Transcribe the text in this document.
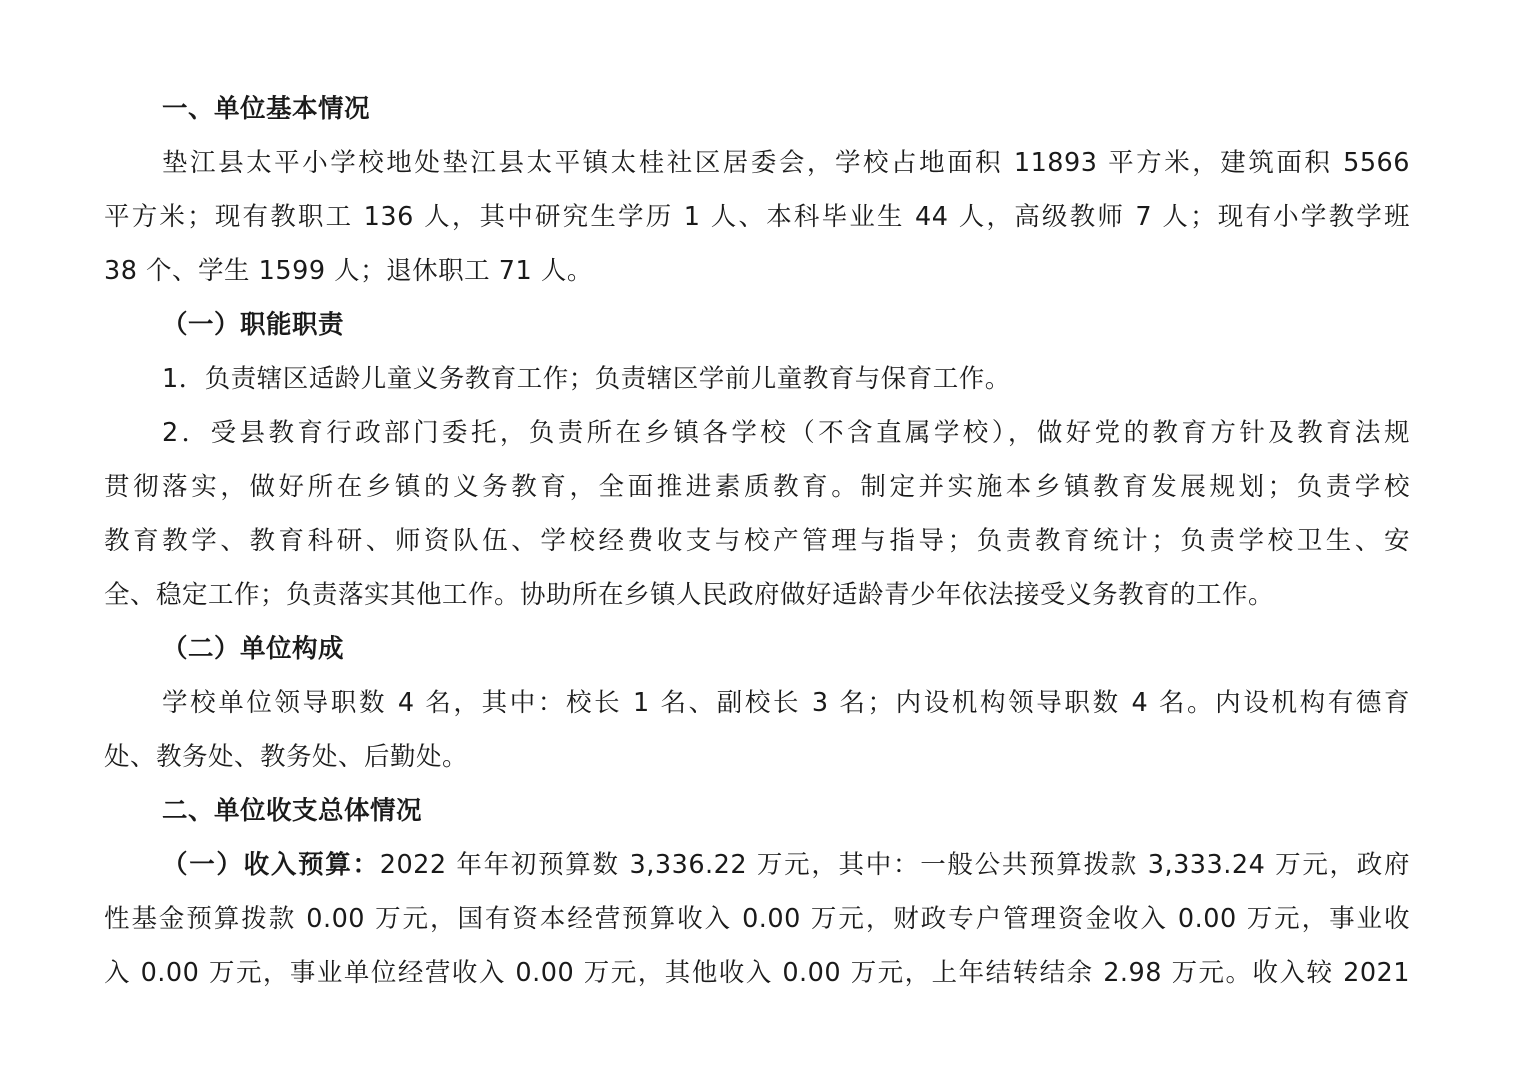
一、单位基本情况
垫江县太平小学校地处垫江县太平镇太桂社区居委会，学校占地面积 11893 平方米，建筑面积 5566
平方米；现有教职工 136 人，其中研究生学历 1 人、本科毕业生 44 人，高级教师 7 人；现有小学教学班
38 个、学生 1599 人；退休职工 71 人。
（一）职能职责
1．负责辖区适龄儿童义务教育工作；负责辖区学前儿童教育与保育工作。
2．受县教育行政部门委托，负责所在乡镇各学校（不含直属学校），做好党的教育方针及教育法规
贯彻落实，做好所在乡镇的义务教育，全面推进素质教育。制定并实施本乡镇教育发展规划；负责学校
教育教学、教育科研、师资队伍、学校经费收支与校产管理与指导；负责教育统计；负责学校卫生、安
全、稳定工作；负责落实其他工作。协助所在乡镇人民政府做好适龄青少年依法接受义务教育的工作。
（二）单位构成
学校单位领导职数 4 名，其中：校长 1 名、副校长 3 名；内设机构领导职数 4 名。内设机构有德育
处、教务处、教务处、后勤处。
二、单位收支总体情况
（一）收入预算：2022 年年初预算数 3,336.22 万元，其中：一般公共预算拨款 3,333.24 万元，政府
性基金预算拨款 0.00 万元，国有资本经营预算收入 0.00 万元，财政专户管理资金收入 0.00 万元，事业收
入 0.00 万元，事业单位经营收入 0.00 万元，其他收入 0.00 万元，上年结转结余 2.98 万元。收入较 2021
